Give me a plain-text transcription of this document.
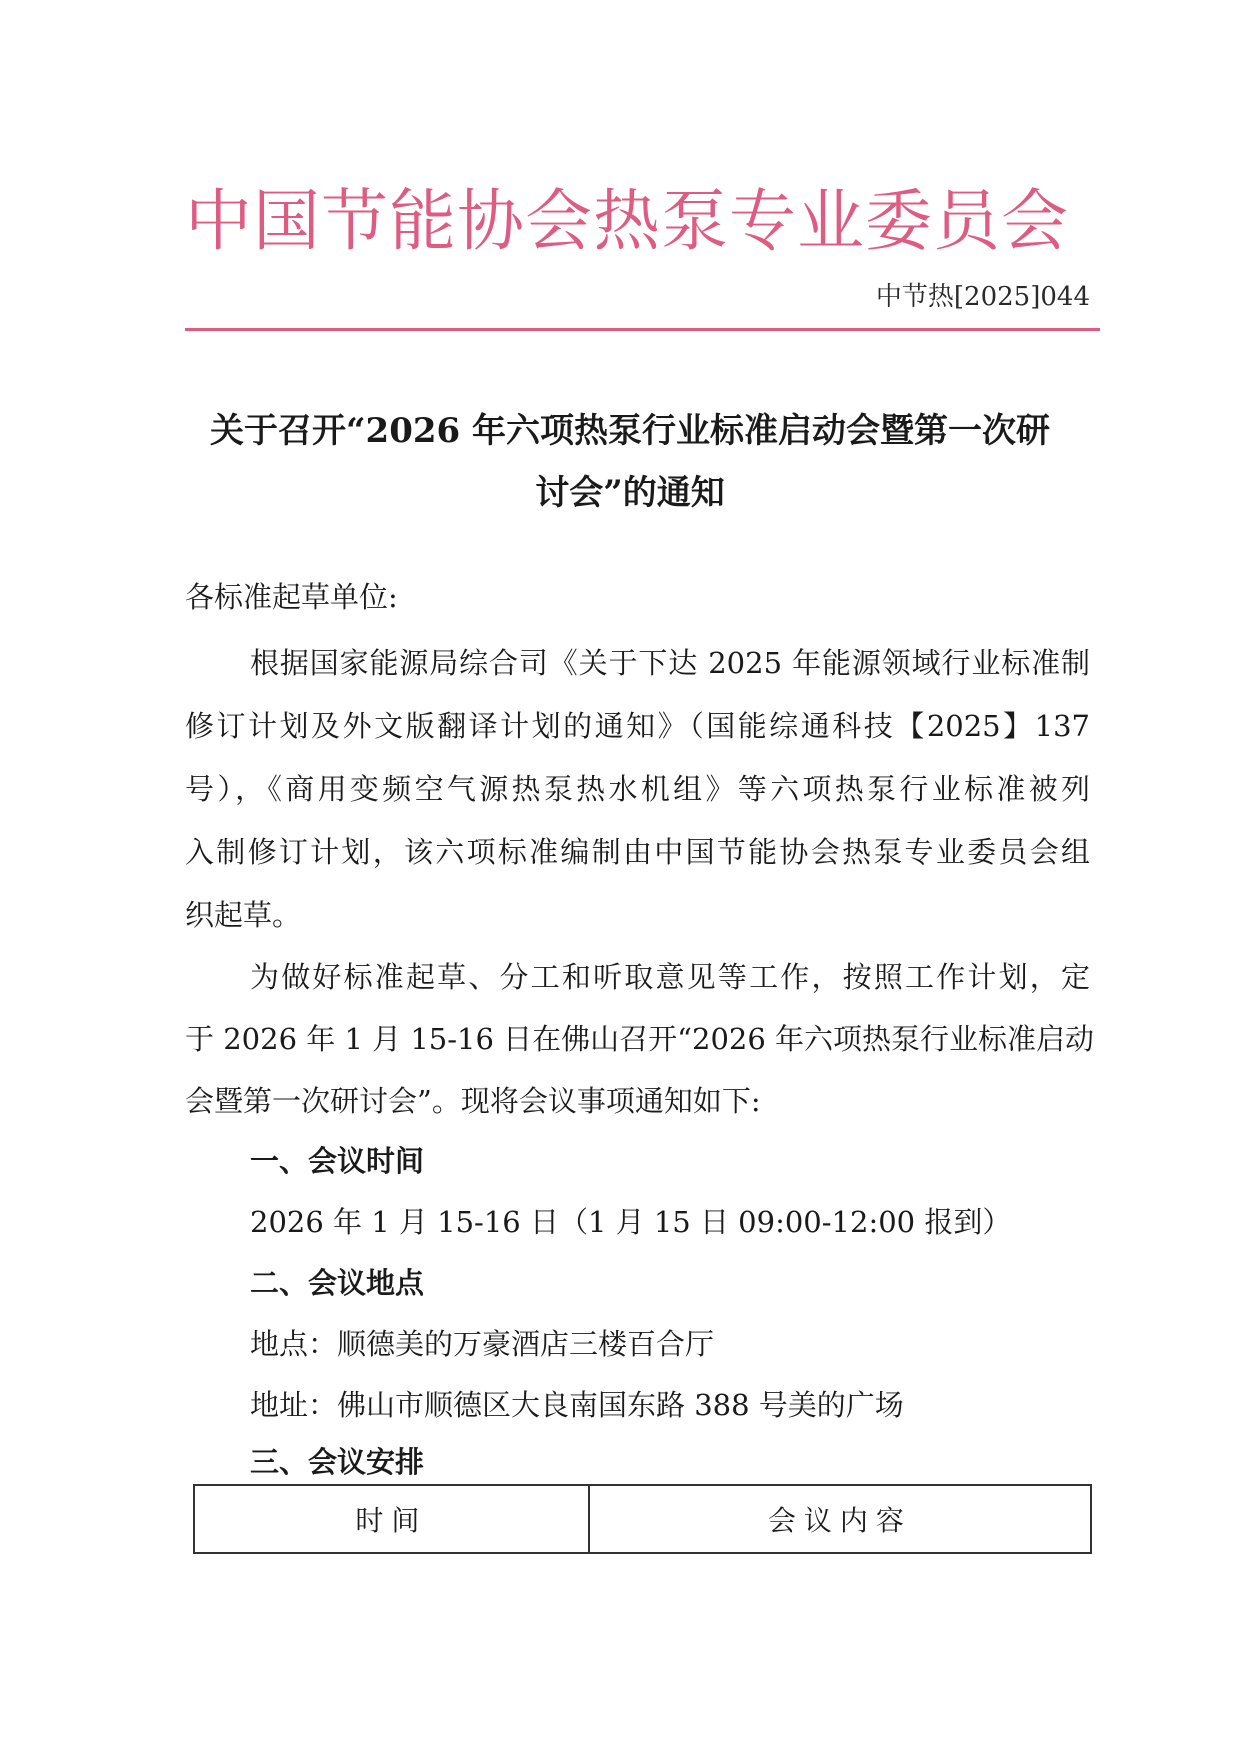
中国节能协会热泵专业委员会
中节热[2025]044
关于召开“2026 年六项热泵行业标准启动会暨第一次研
讨会”的通知
各标准起草单位:
根据国家能源局综合司《关于下达 2025 年能源领域行业标准制
修订计划及外文版翻译计划的通知》（国能综通科技【2025】137
号），《商用变频空气源热泵热水机组》等六项热泵行业标准被列
入制修订计划，该六项标准编制由中国节能协会热泵专业委员会组
织起草。
为做好标准起草、分工和听取意见等工作，按照工作计划，定
于 2026 年 1 月 15-16 日在佛山召开“2026 年六项热泵行业标准启动
会暨第一次研讨会”。现将会议事项通知如下:
一、会议时间
2026 年 1 月 15-16 日（1 月 15 日 09:00-12:00 报到）
二、会议地点
地点：顺德美的万豪酒店三楼百合厅
地址：佛山市顺德区大良南国东路 388 号美的广场
三、会议安排
时间	会议内容
